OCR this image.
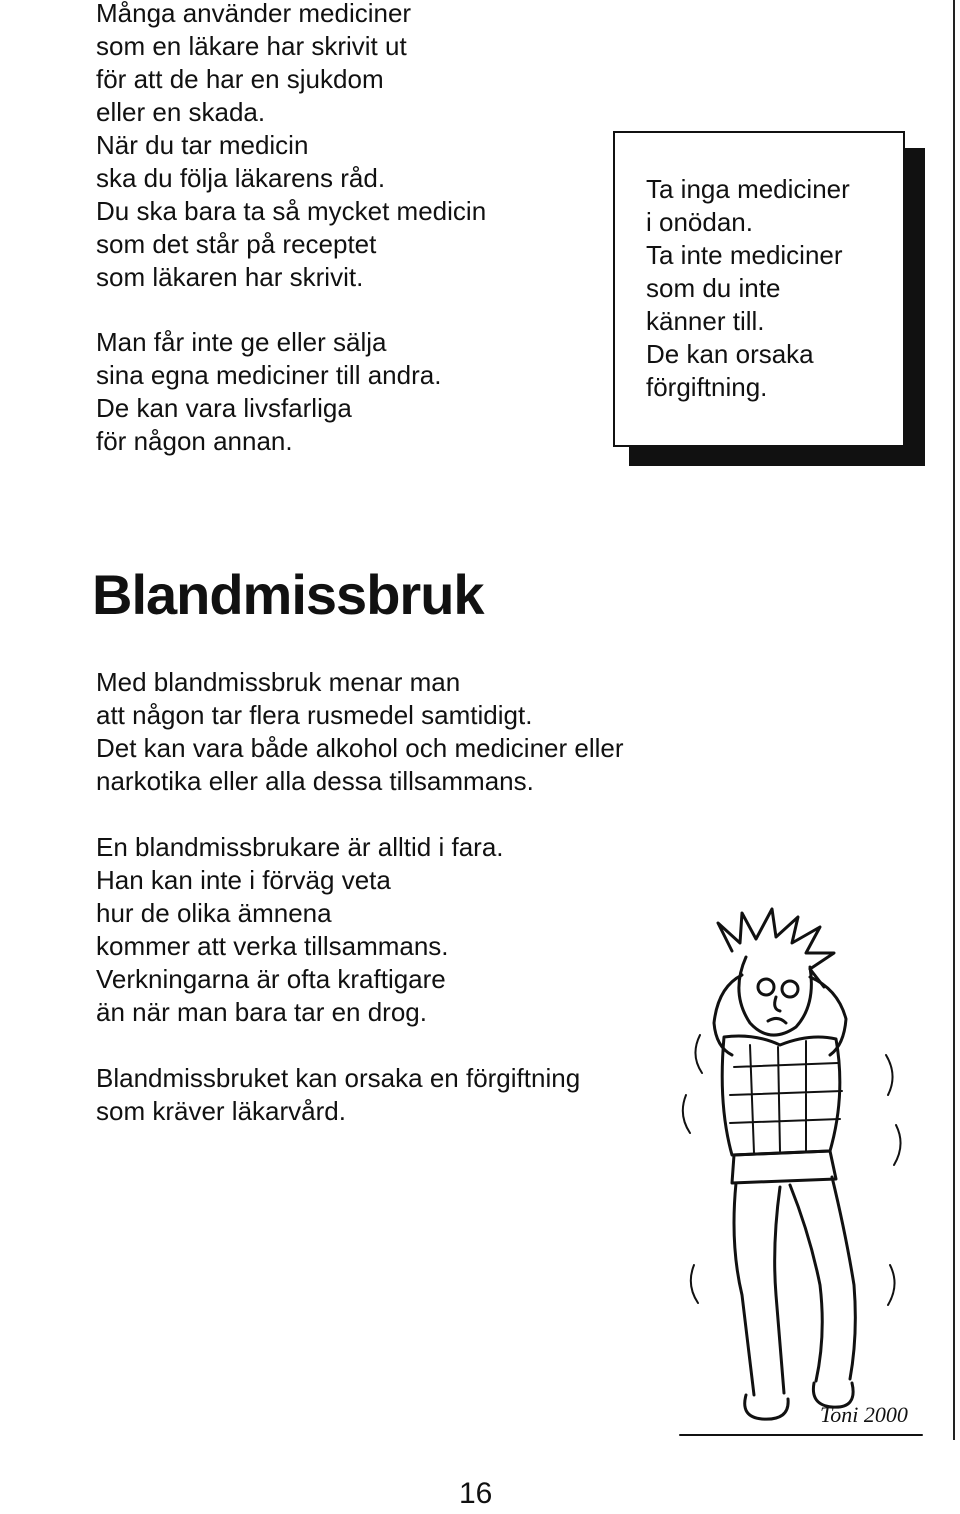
Många använder mediciner
som en läkare har skrivit ut
för att de har en sjukdom
eller en skada.
När du tar medicin
ska du följa läkarens råd.
Du ska bara ta så mycket medicin
som det står på receptet
som läkaren har skrivit.
Man får inte ge eller sälja
sina egna mediciner till andra.
De kan vara livsfarliga
för någon annan.
Ta inga mediciner
i onödan.
Ta inte mediciner
som du inte
känner till.
De kan orsaka
förgiftning.
Blandmissbruk
Med blandmissbruk menar man
att någon tar flera rusmedel samtidigt.
Det kan vara både alkohol och mediciner eller
narkotika eller alla dessa tillsammans.
En blandmissbrukare är alltid i fara.
Han kan inte i förväg veta
hur de olika ämnena
kommer att verka tillsammans.
Verkningarna är ofta kraftigare
än när man bara tar en drog.
Blandmissbruket kan orsaka en förgiftning
som kräver läkarvård.
Toni 2000
16
